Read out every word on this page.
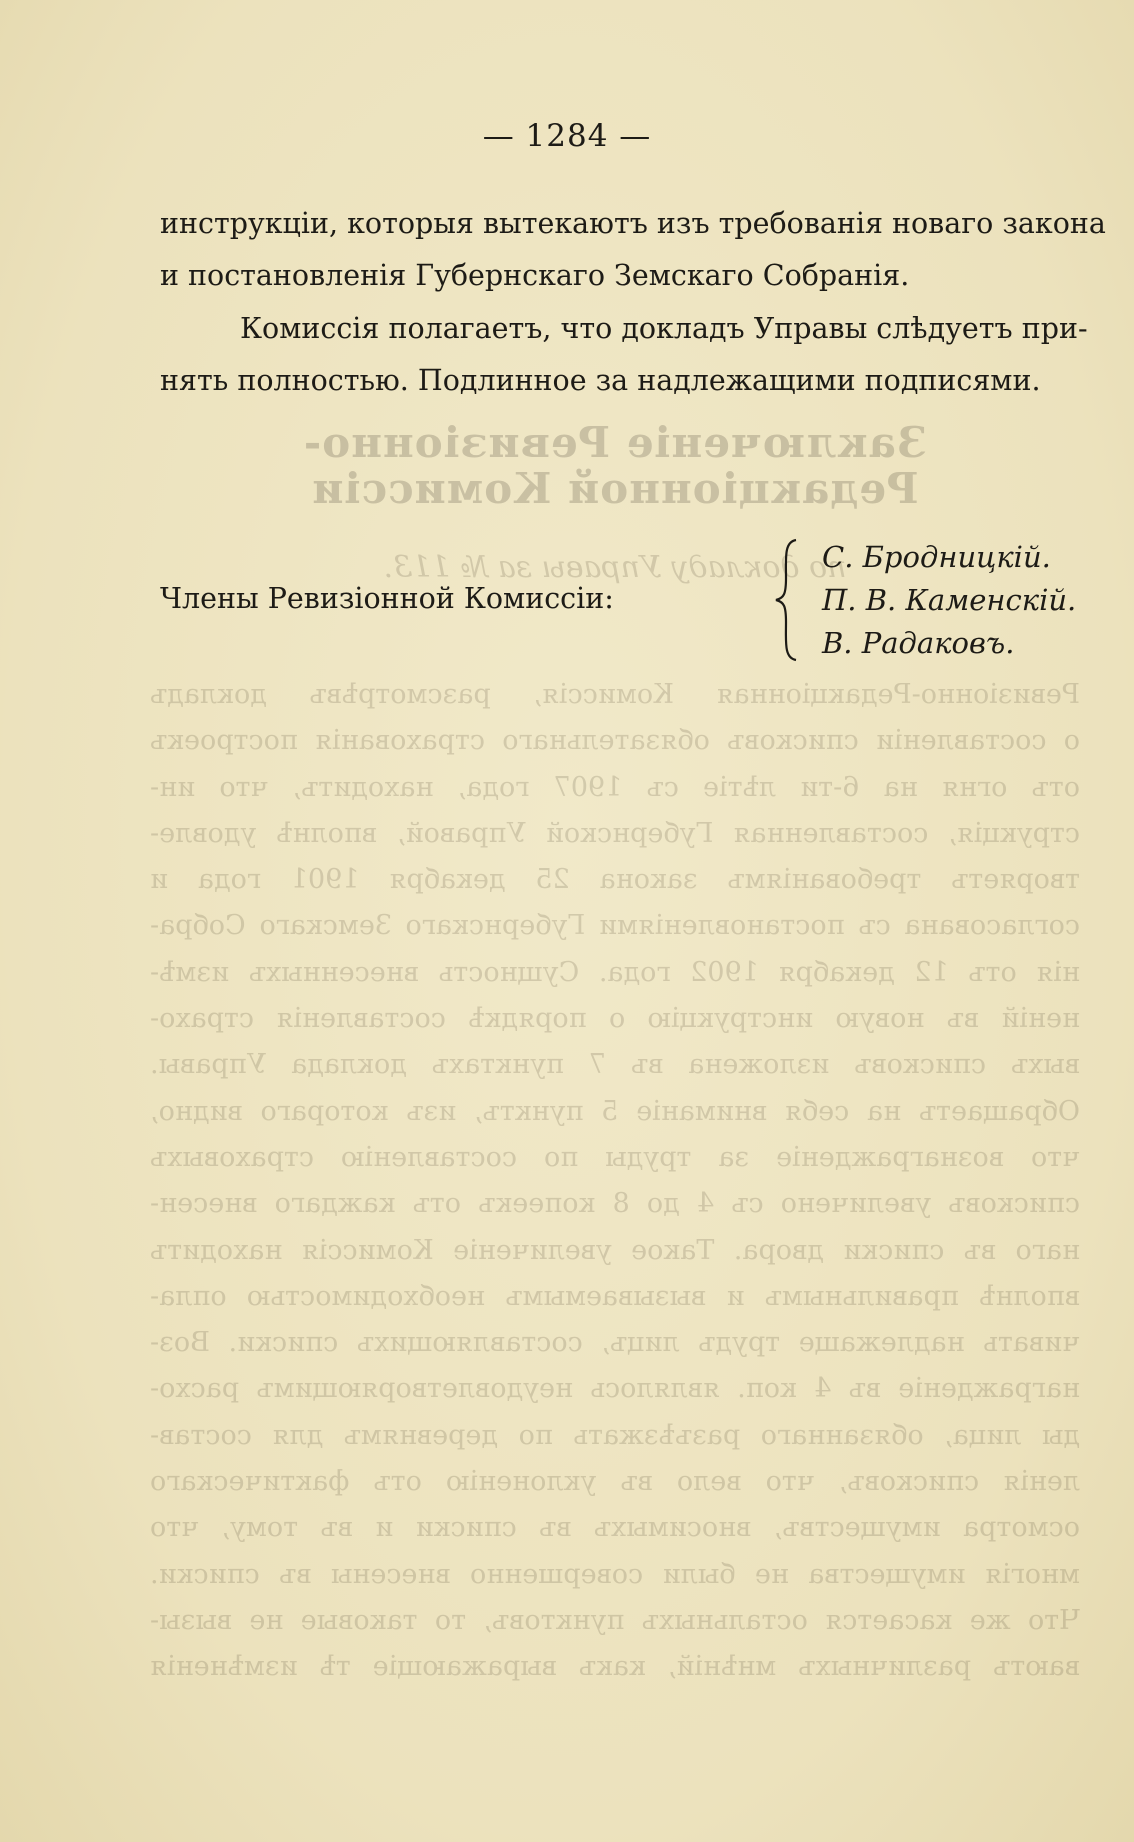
Заключеніе Ревизіонно-Редакціонной Комиссіи
по докладу Управы за № 113.
Ревизіонно-Редакціонная Комиссія, разсмотрѣвъ докладъ
о составленіи списковъ обязательнаго страхованія построекъ
отъ огня на 6-ти лѣтіе съ 1907 года, находитъ, что ин-
струкція, составленная Губернской Управой, вполнѣ удовле-
творяетъ требованіямъ закона 25 декабря 1901 года и
согласована съ постановленіями Губернскаго Земскаго Собра-
нія отъ 12 декабря 1902 года. Сущность внесенныхъ измѣ-
неній въ новую инструкцію о порядкѣ составленія страхо-
выхъ списковъ изложена въ 7 пунктахъ доклада Управы.
Обращаетъ на себя вниманіе 5 пунктъ, изъ котораго видно,
что вознагражденіе за труды по составленію страховыхъ
списковъ увеличено съ 4 до 8 копеекъ отъ каждаго внесен-
наго въ списки двора. Такое увеличеніе Комиссія находитъ
вполнѣ правильнымъ и вызываемымъ необходимостью опла-
чивать надлежаще трудъ лицъ, составляющихъ списки. Воз-
награжденіе въ 4 коп. являлось неудовлетворяющимъ расхо-
ды лица, обязаннаго разъѣзжать по деревнямъ для состав-
ленія списковъ, что вело въ уклоненію отъ фактическаго
осмотра имуществъ, вносимыхъ въ списки и въ тому, что
многія имущества не были совершенно внесены въ списки.
Что же касается остальныхъ пунктовъ, то таковые не вызы-
ваютъ различныхъ мнѣній, какъ выражающіе тѣ измѣненія
— 1284 —
инструкціи, которыя вытекаютъ изъ требованія новаго закона
и постановленія Губернскаго Земскаго Собранія.
Комиссія полагаетъ, что докладъ Управы слѣдуетъ при-
нять полностью. Подлинное за надлежащими подписями.
Члены Ревизіонной Комиссіи:
С. Бродницкій.
П. В. Каменскій.
В. Радаковъ.
